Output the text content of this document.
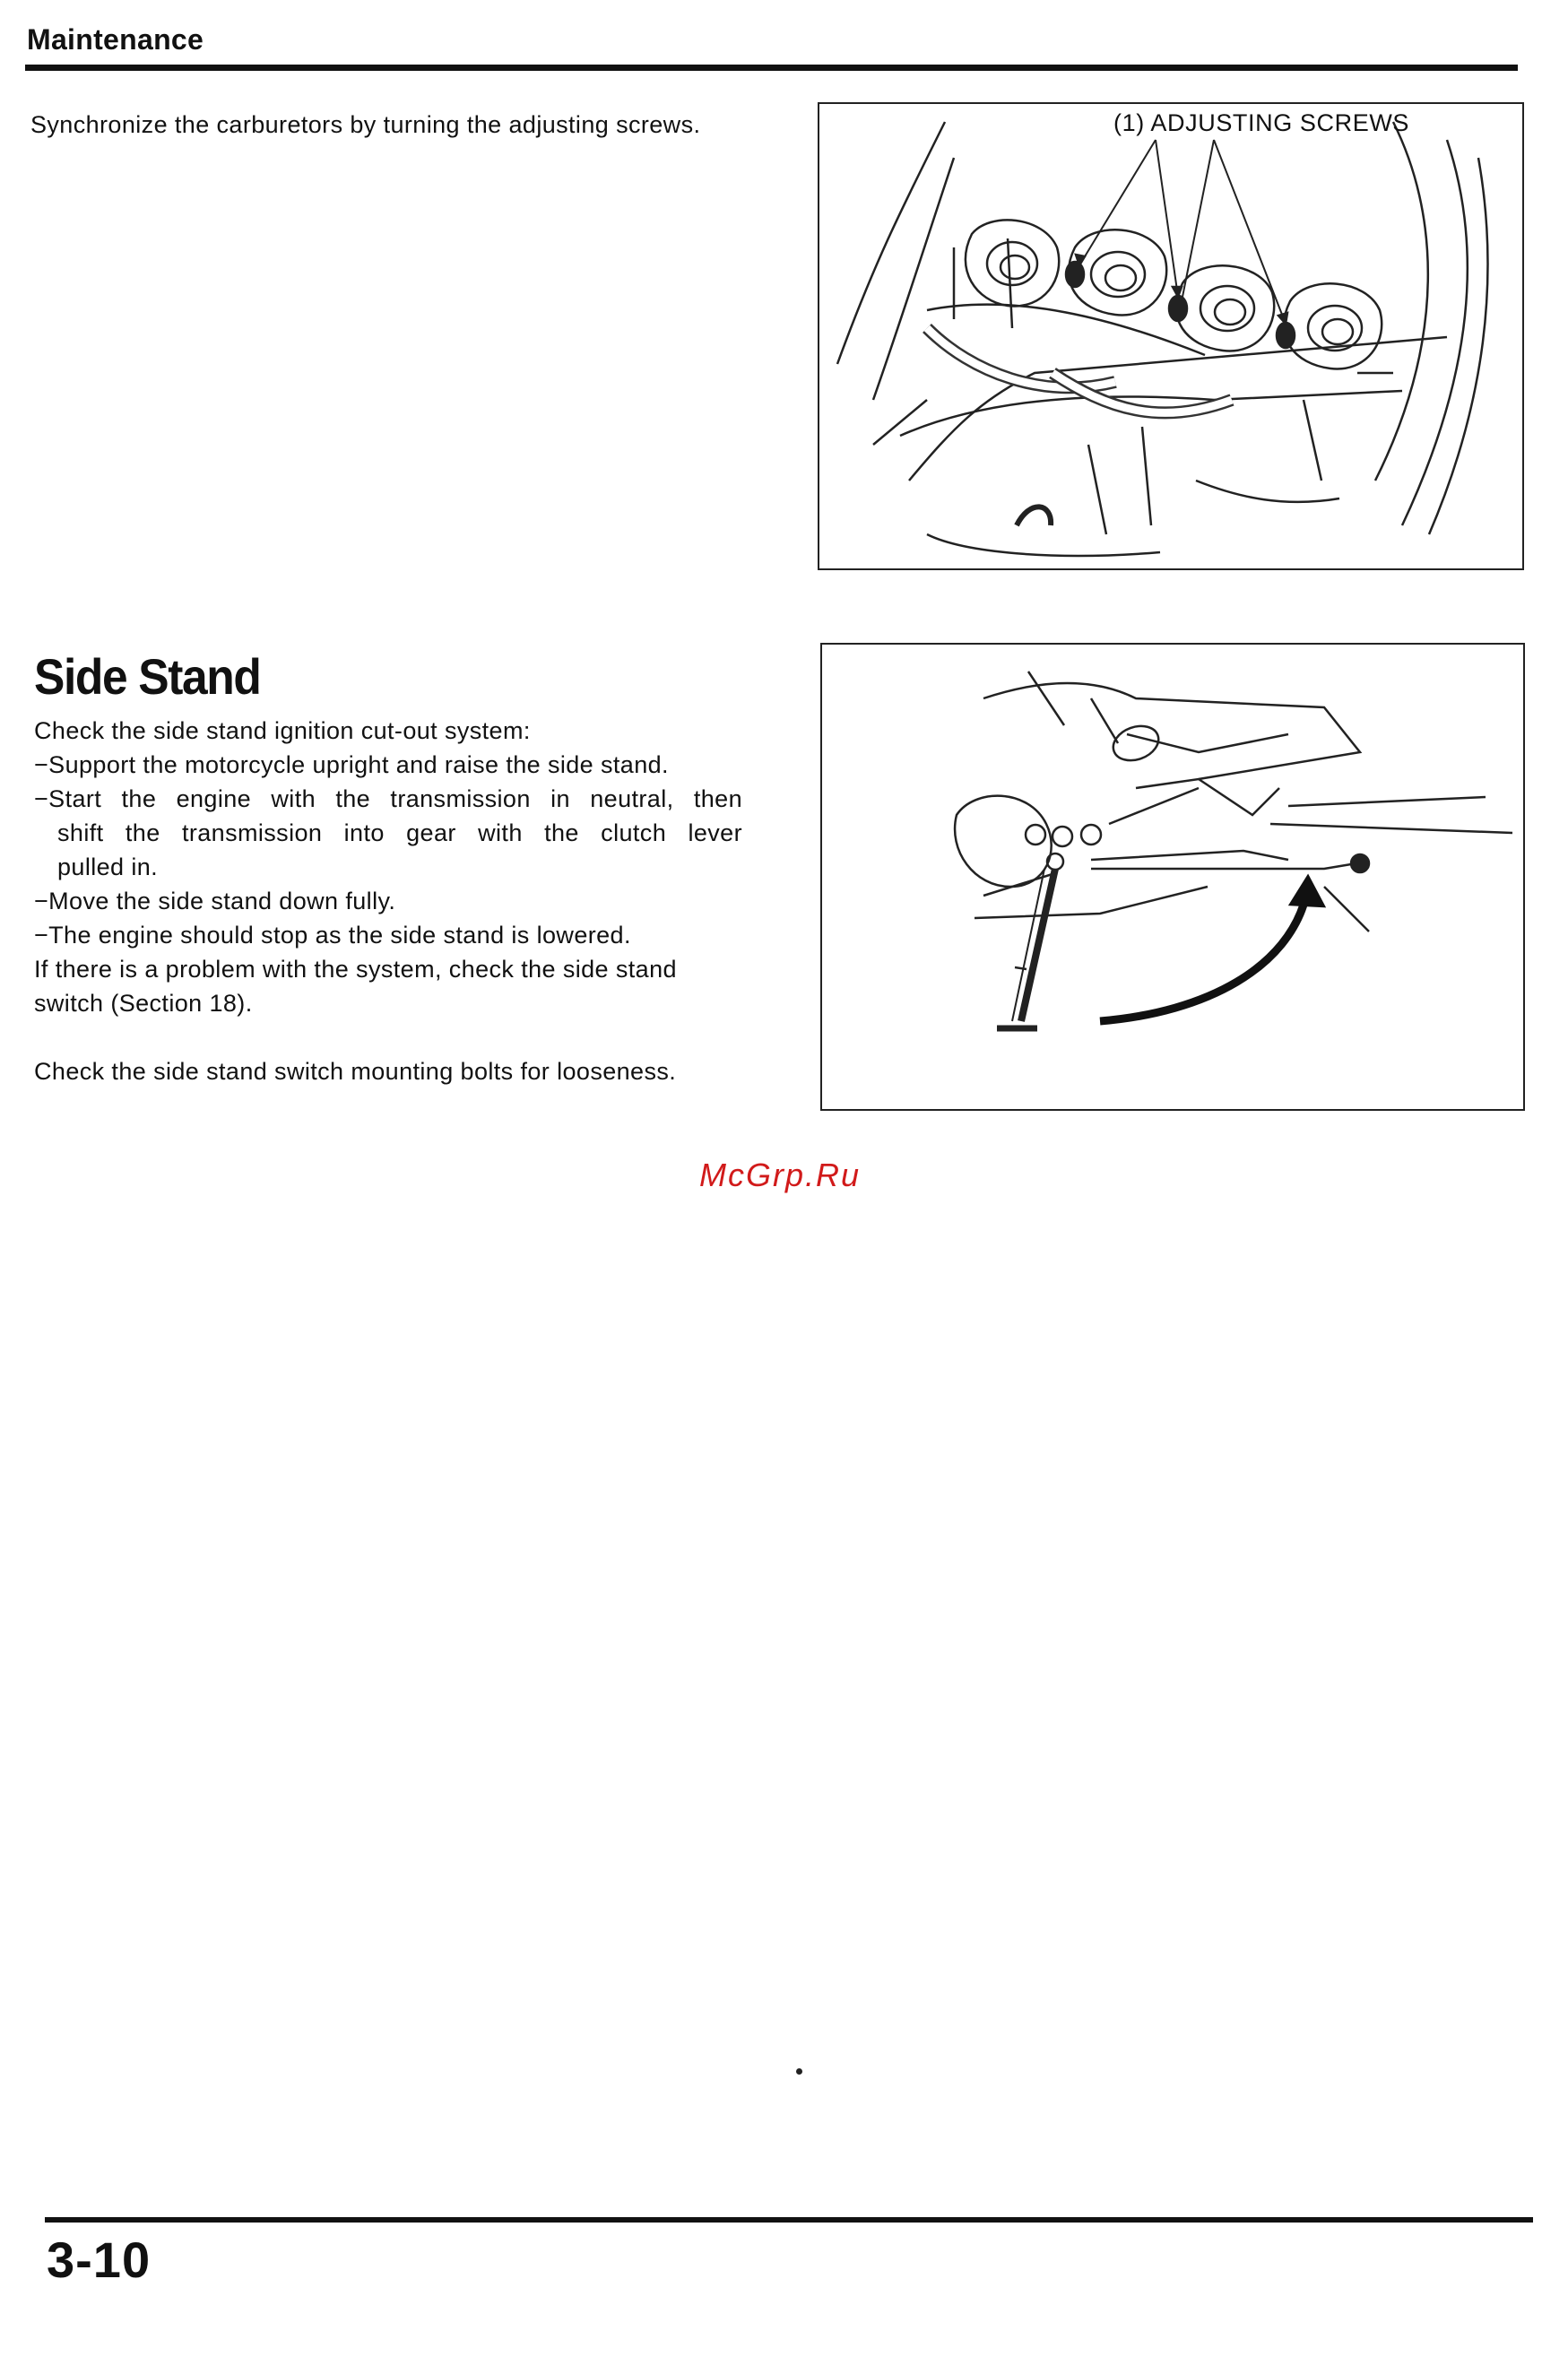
Maintenance
Synchronize the carburetors by turning the adjusting screws.	(1) ADJUSTING SCREWS
Side Stand
Check the side stand ignition cut-out system:
−Support the motorcycle upright and raise the side stand.
−Start the engine with the transmission in neutral, then
shift the transmission into gear with the clutch lever
pulled in.
−Move the side stand down fully.
−The engine should stop as the side stand is lowered.
If there is a problem with the system, check the side stand
switch (Section 18).
Check the side stand switch mounting bolts for looseness.
McGrp.Ru
3-10
